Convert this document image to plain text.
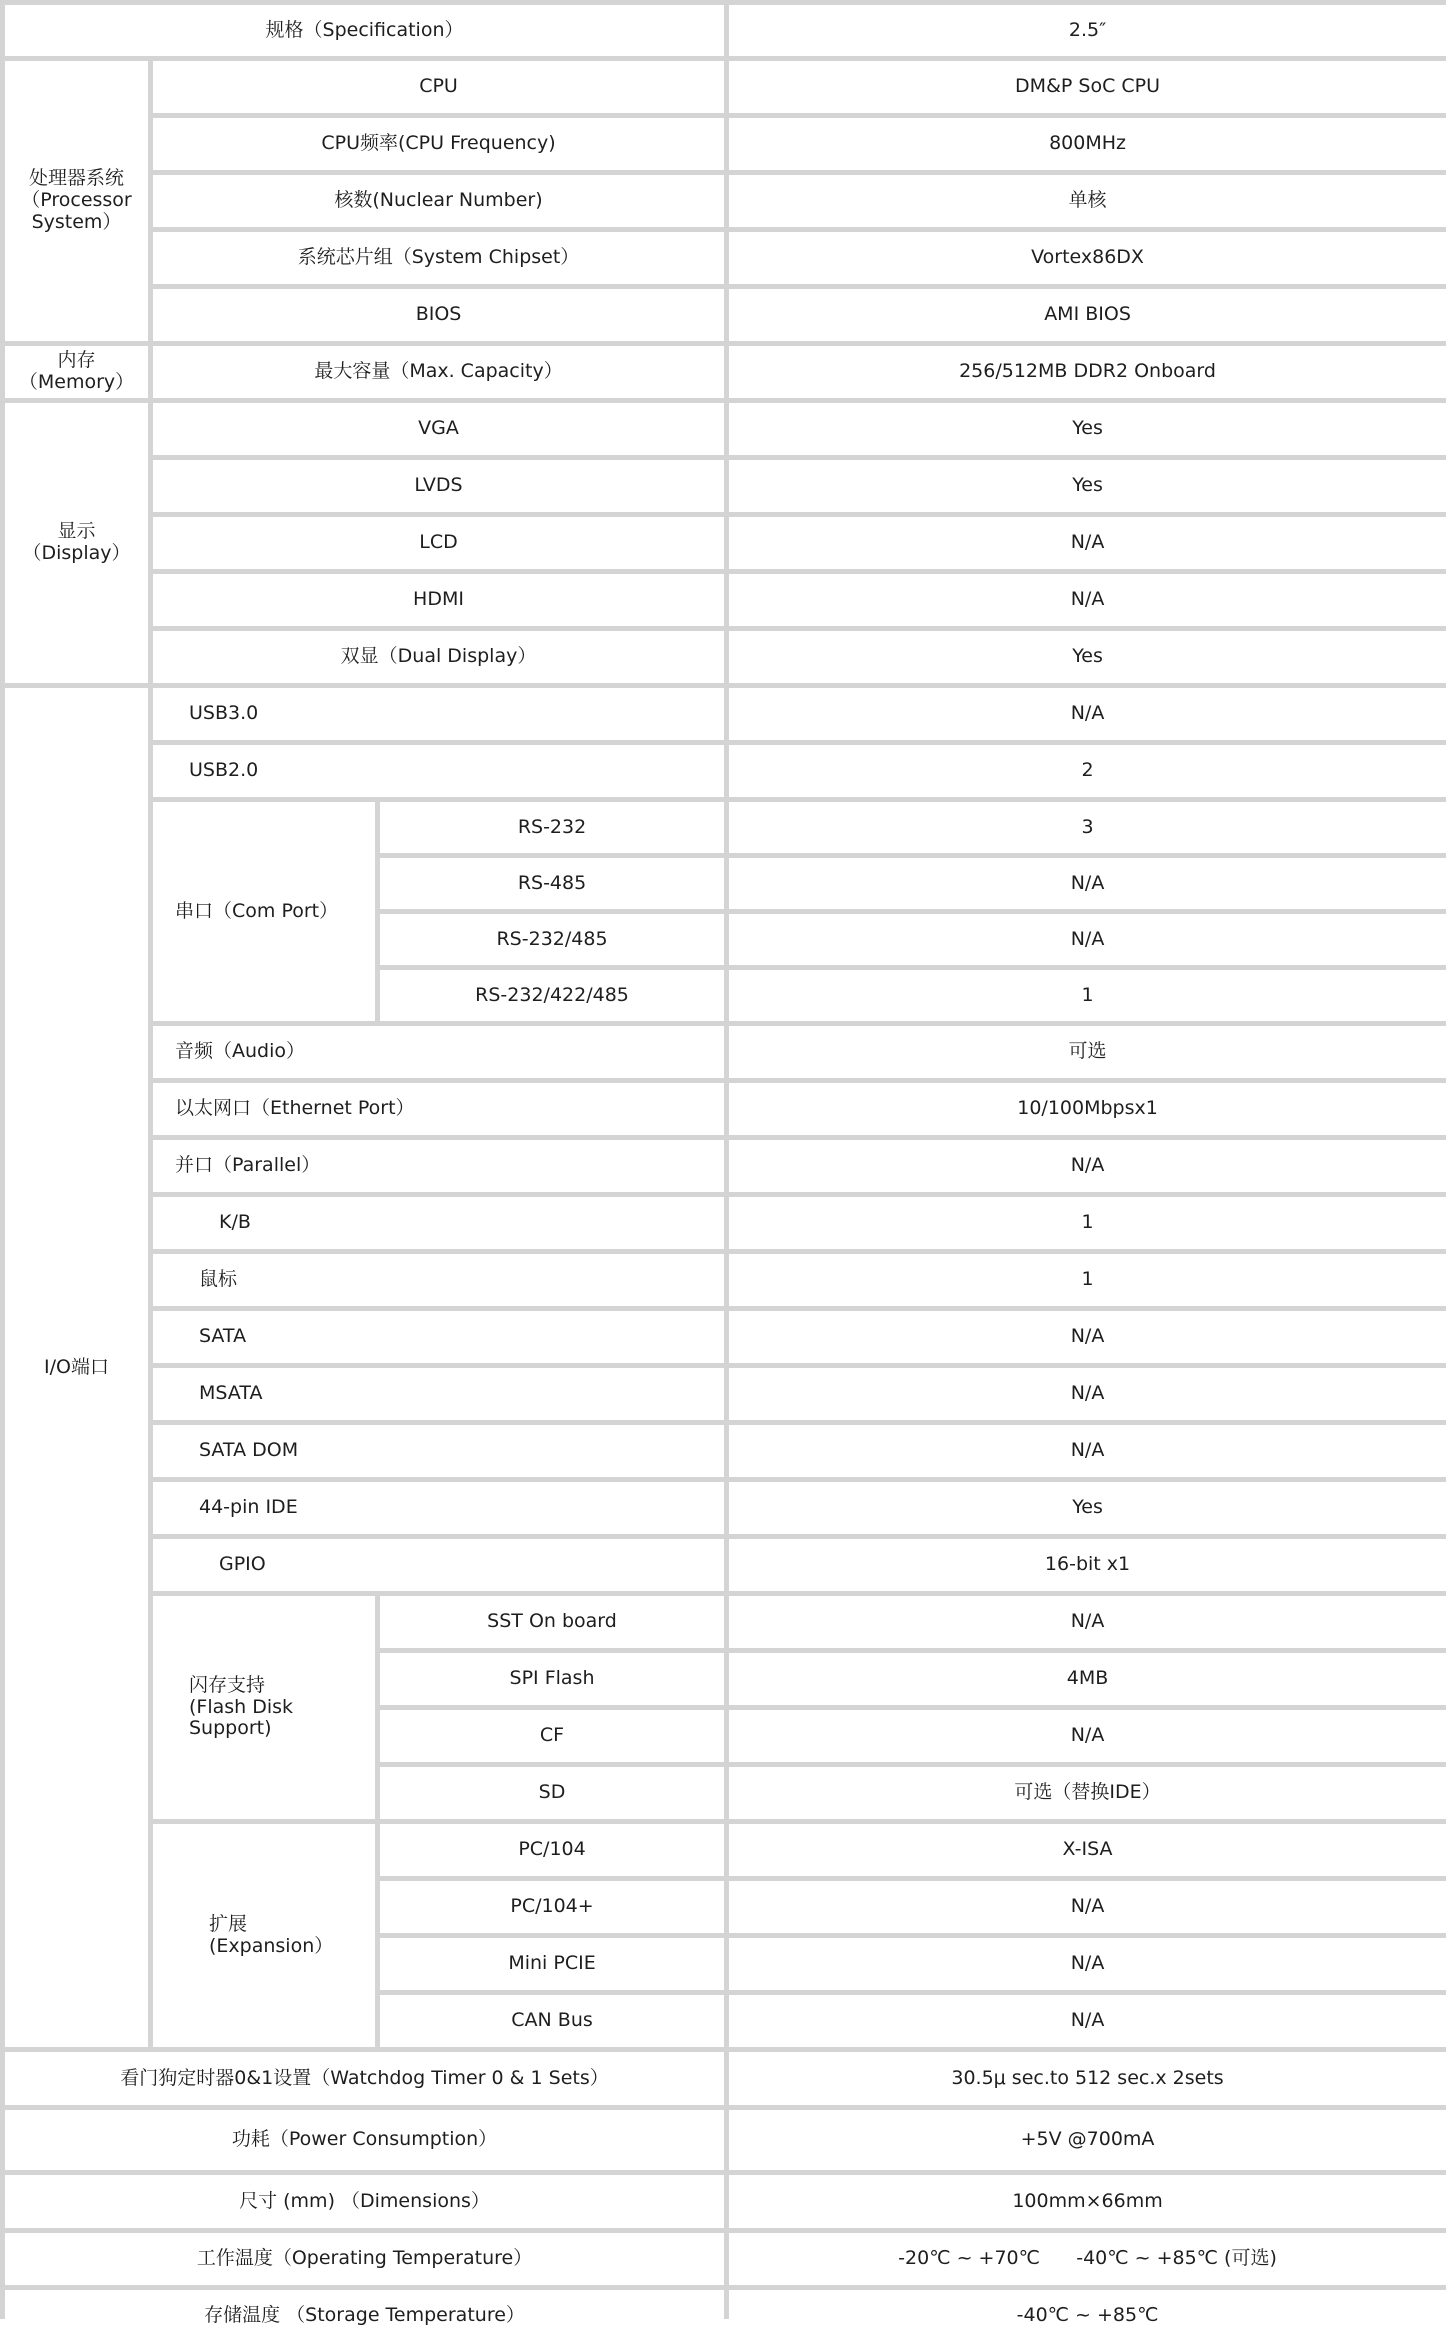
规格（Specification）			2.5″
处理器系统
（Processor
System）	CPU		DM&P SoC CPU
	CPU频率(CPU Frequency)		800MHz
	核数(Nuclear Number)		单核
	系统芯片组（System Chipset）		Vortex86DX
	BIOS		AMI BIOS
内存（Memory）	最大容量（Max. Capacity）		256/512MB DDR2 Onboard
显示
（Display）	VGA		Yes
	LVDS		Yes
	LCD		N/A
	HDMI		N/A
	双显（Dual Display）		Yes
I/O端口	USB3.0		N/A
	USB2.0		2
	串口（Com Port）	RS-232	3
		RS-485	N/A
		RS-232/485	N/A
		RS-232/422/485	1
	音频（Audio）		可选
	以太网口（Ethernet Port）		10/100Mbpsx1
	并口（Parallel）		N/A
	K/B		1
	鼠标		1
	SATA		N/A
	MSATA		N/A
	SATA DOM		N/A
	44-pin IDE		Yes
	GPIO		16-bit x1
	闪存支持
(Flash Disk Support)	SST On board	N/A
		SPI Flash	4MB
		CF	N/A
		SD	可选（替换IDE）
	扩展
(Expansion）	PC/104	X-ISA
		PC/104+	N/A
		Mini PCIE	N/A
		CAN Bus	N/A
看门狗定时器0&1设置（Watchdog Timer 0 & 1 Sets）			30.5μ sec.to 512 sec.x 2sets
功耗（Power Consumption）			+5V @700mA
尺寸 (mm) （Dimensions）			100mm×66mm
工作温度（Operating Temperature）			-20℃ ~ +70℃      -40℃ ~ +85℃ (可选)
存储温度 （Storage Temperature）			-40℃ ~ +85℃
